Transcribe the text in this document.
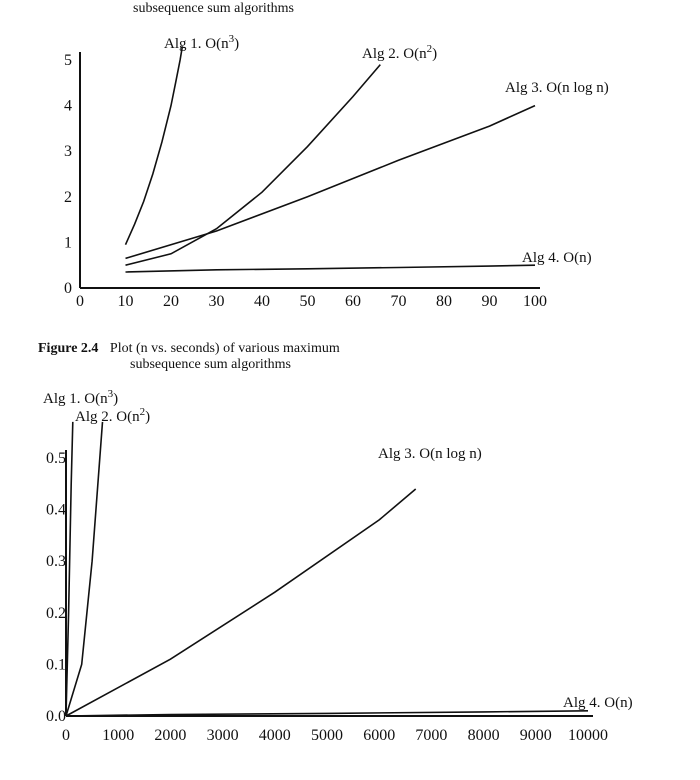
subsequence sum algorithms
Figure 2.4 Plot (n vs. seconds) of various maximum
subsequence sum algorithms
0 10 20 30 40 50 60 70 80 90 100
0
1
2
3
4
5
Alg 1. $O(n^3)$
Alg 2. $O(n^2)$
Alg 3. O(n log n)
Alg 4. O(n)
0 1000 2000 3000 4000 5000 6000 7000 8000 9000 10000
0.0
0.1
0.2
0.3
0.4
0.5
Alg 1. $O(n^3)$
Alg 2. $O(n^2)$
Alg 3. O(n log n)
Alg 4. O(n)
